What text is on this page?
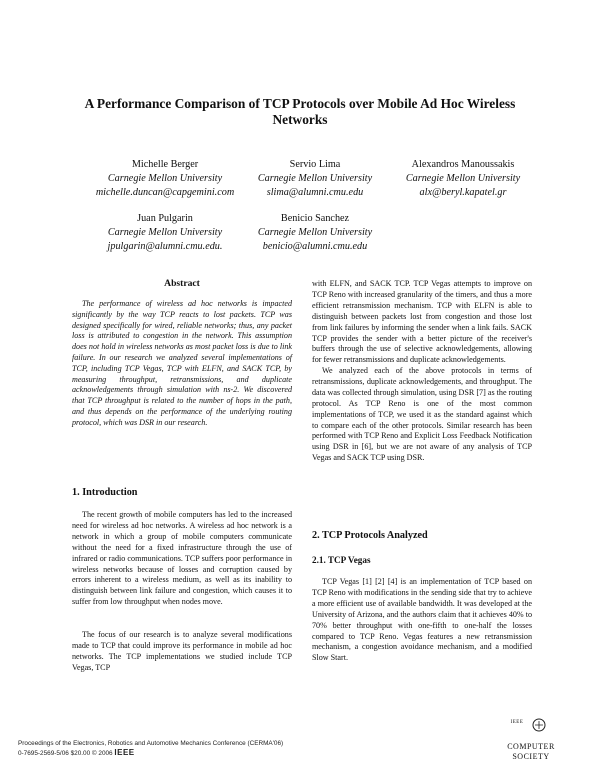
A Performance Comparison of TCP Protocols over Mobile Ad Hoc Wireless Networks
Michelle Berger
Carnegie Mellon University
michelle.duncan@capgemini.com
Servio Lima
Carnegie Mellon University
slima@alumni.cmu.edu
Alexandros Manoussakis
Carnegie Mellon University
alx@beryl.kapatel.gr
Juan Pulgarin
Carnegie Mellon University
jpulgarin@alumni.cmu.edu.
Benicio Sanchez
Carnegie Mellon University
benicio@alumni.cmu.edu
Abstract
The performance of wireless ad hoc networks is impacted significantly by the way TCP reacts to lost packets. TCP was designed specifically for wired, reliable networks; thus, any packet loss is attributed to congestion in the network. This assumption does not hold in wireless networks as most packet loss is due to link failure. In our research we analyzed several implementations of TCP, including TCP Vegas, TCP with ELFN, and SACK TCP, by measuring throughput, retransmissions, and duplicate acknowledgements through simulation with ns-2. We discovered that TCP throughput is related to the number of hops in the path, and thus depends on the performance of the underlying routing protocol, which was DSR in our research.
1. Introduction
The recent growth of mobile computers has led to the increased need for wireless ad hoc networks. A wireless ad hoc network is a network in which a group of mobile computers communicate without the need for a fixed infrastructure through the use of infrared or radio communications. TCP suffers poor performance in wireless networks because of losses and corruption caused by errors inherent to a wireless medium, as well as its inability to distinguish between link failure and congestion, which causes it to suffer from low throughput when nodes move.
The focus of our research is to analyze several modifications made to TCP that could improve its performance in mobile ad hoc networks. The TCP implementations we studied include TCP Vegas, TCP
with ELFN, and SACK TCP. TCP Vegas attempts to improve on TCP Reno with increased granularity of the timers, and thus a more efficient retransmission mechanism. TCP with ELFN is able to distinguish between packets lost from congestion and those lost from link failures by informing the sender when a link fails. SACK TCP provides the sender with a better picture of the receiver's buffers through the use of selective acknowledgements, allowing for fewer retransmissions and duplicate acknowledgements.
We analyzed each of the above protocols in terms of retransmissions, duplicate acknowledgements, and throughput. The data was collected through simulation, using DSR [7] as the routing protocol. As TCP Reno is one of the most common implementations of TCP, we used it as the standard against which to compare each of the other protocols. Similar research has been performed with TCP Reno and Explicit Loss Feedback Notification using DSR in [6], but we are not aware of any analysis of TCP Vegas and SACK TCP using DSR.
2. TCP Protocols Analyzed
2.1. TCP Vegas
TCP Vegas [1] [2] [4] is an implementation of TCP based on TCP Reno with modifications in the sending side that try to achieve a more efficient use of available bandwidth. It was developed at the University of Arizona, and the authors claim that it achieves 40% to 70% better throughput with one-fifth to one-half the losses compared to TCP Reno. Vegas features a new retransmission mechanism, a congestion avoidance mechanism, and a modified Slow Start.
Proceedings of the Electronics, Robotics and Automotive Mechanics Conference (CERMA'06)
0-7695-2569-5/06 $20.00 © 2006 IEEE
IEEE
COMPUTER
SOCIETY
